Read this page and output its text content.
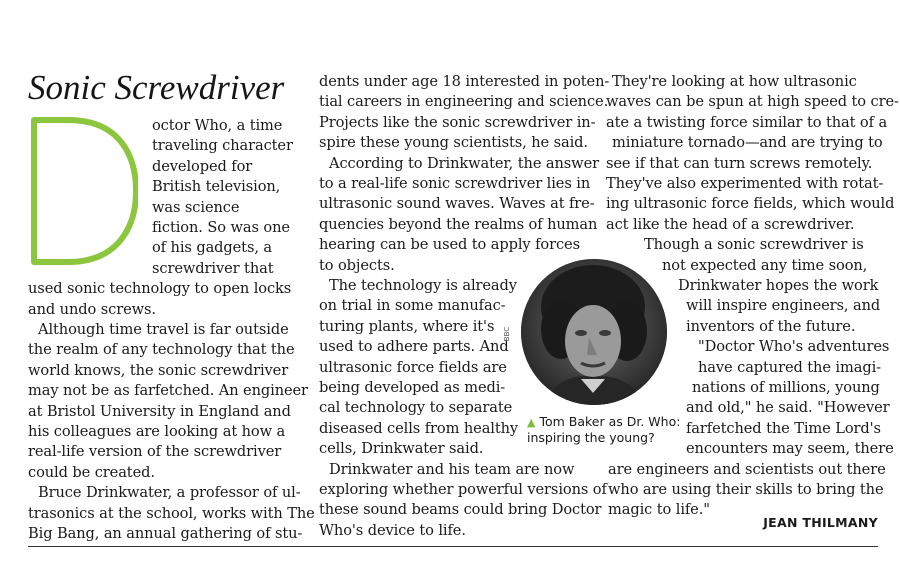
Sonic Screwdriver
octor Who, a time
traveling character
developed for
British television,
was science
fiction. So was one
of his gadgets, a
screwdriver that
used sonic technology to open locks
and undo screws.
Although time travel is far outside
the realm of any technology that the
world knows, the sonic screwdriver
may not be as farfetched. An engineer
at Bristol University in England and
his colleagues are looking at how a
real-life version of the screwdriver
could be created.
Bruce Drinkwater, a professor of ul-
trasonics at the school, works with The
Big Bang, an annual gathering of stu-
dents under age 18 interested in poten-
tial careers in engineering and science.
Projects like the sonic screwdriver in-
spire these young scientists, he said.
According to Drinkwater, the answer
to a real-life sonic screwdriver lies in
ultrasonic sound waves. Waves at fre-
quencies beyond the realms of human
hearing can be used to apply forces
to objects.
The technology is already
on trial in some manufac-
turing plants, where it's
used to adhere parts. And
ultrasonic force fields are
being developed as medi-
cal technology to separate
diseased cells from healthy
cells, Drinkwater said.
Drinkwater and his team are now
exploring whether powerful versions of
these sound beams could bring Doctor
Who's device to life.
They're looking at how ultrasonic
waves can be spun at high speed to cre-
ate a twisting force similar to that of a
miniature tornado—and are trying to
see if that can turn screws remotely.
They've also experimented with rotat-
ing ultrasonic force fields, which would
act like the head of a screwdriver.
Though a sonic screwdriver is
not expected any time soon,
Drinkwater hopes the work
will inspire engineers, and
inventors of the future.
"Doctor Who's adventures
have captured the imagi-
nations of millions, young
and old," he said. "However
farfetched the Time Lord's
encounters may seem, there
are engineers and scientists out there
who are using their skills to bring the
magic to life."
BBC
▲ Tom Baker as Dr. Who:
inspiring the young?
JEAN THILMANY
